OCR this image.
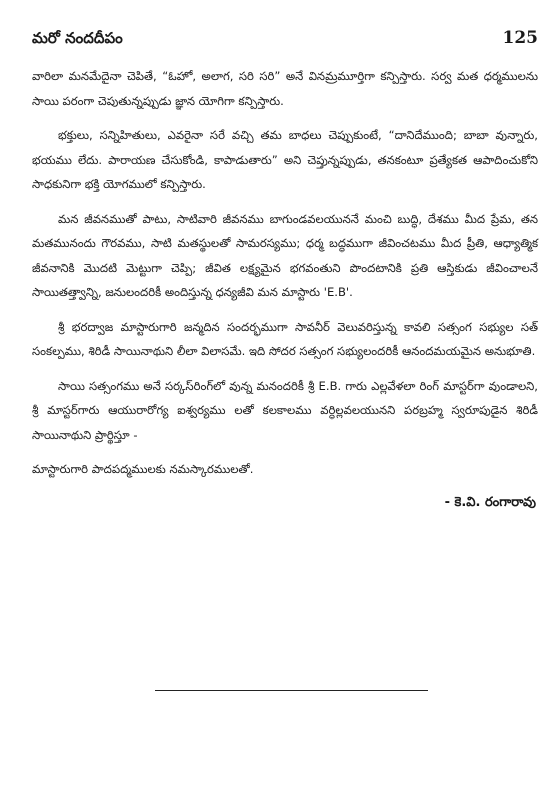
మరో నందదీపం	125

వారిలా మనమేదైనా చెపితే, “ఓహో, అలాగ, సరి సరి” అనే వినమ్రమూర్తిగా కన్పిస్తారు. సర్వ మత ధర్మములను సాయి పరంగా చెపుతున్నప్పుడు జ్ఞాన యోగిగా కన్పిస్తారు.

భక్తులు, సన్నిహితులు, ఎవరైనా సరే వచ్చి తమ బాధలు చెప్పుకుంటే, “దానిదేముంది; బాబా వున్నారు, భయము లేదు. పారాయణ చేసుకోండి, కాపాడుతారు” అని చెప్తున్నప్పుడు, తనకంటూ ప్రత్యేకత ఆపాదించుకోని సాధకునిగా భక్తి యోగములో కన్పిస్తారు.

మన జీవనముతో పాటు, సాటివారి జీవనము బాగుండవలయుననే మంచి బుద్ధి, దేశము మీద ప్రేమ, తన మతమునందు గౌరవము, సాటి మతస్థులతో సామరస్యము; ధర్మ బద్ధముగా జీవించటము మీద ప్రీతి, ఆధ్యాత్మిక జీవనానికి మొదటి మెట్టుగా చెప్పి; జీవిత లక్ష్యమైన భగవంతుని పొందటానికి ప్రతి ఆస్తికుడు జీవించాలనే సాయితత్త్వాన్ని, జనులందరికీ అందిస్తున్న ధన్యజీవి మన మాస్టారు 'E.B'.

శ్రీ భరద్వాజ మాస్టారుగారి జన్మదిన సందర్భముగా సావనీర్ వెలువరిస్తున్న కావలి సత్సంగ సభ్యుల సత్ సంకల్పము, శిరిడీ సాయినాథుని లీలా విలాసమే. ఇది సోదర సత్సంగ సభ్యులందరికీ ఆనందమయమైన అనుభూతి.

సాయి సత్సంగము అనే సర్కస్‌రింగ్‌లో వున్న మనందరికీ శ్రీ E.B. గారు ఎల్లవేళలా రింగ్ మాస్టర్‌గా వుండాలని, శ్రీ మాస్టర్‌గారు ఆయురారోగ్య ఐశ్వర్యము లతో కలకాలము వర్ధిల్లవలయునని పరబ్రహ్మ స్వరూపుడైన శిరిడీ సాయినాథుని ప్రార్థిస్తూ -

మాస్టారుగారి పాదపద్మములకు నమస్కారములతో.

- కె.వి. రంగారావు
